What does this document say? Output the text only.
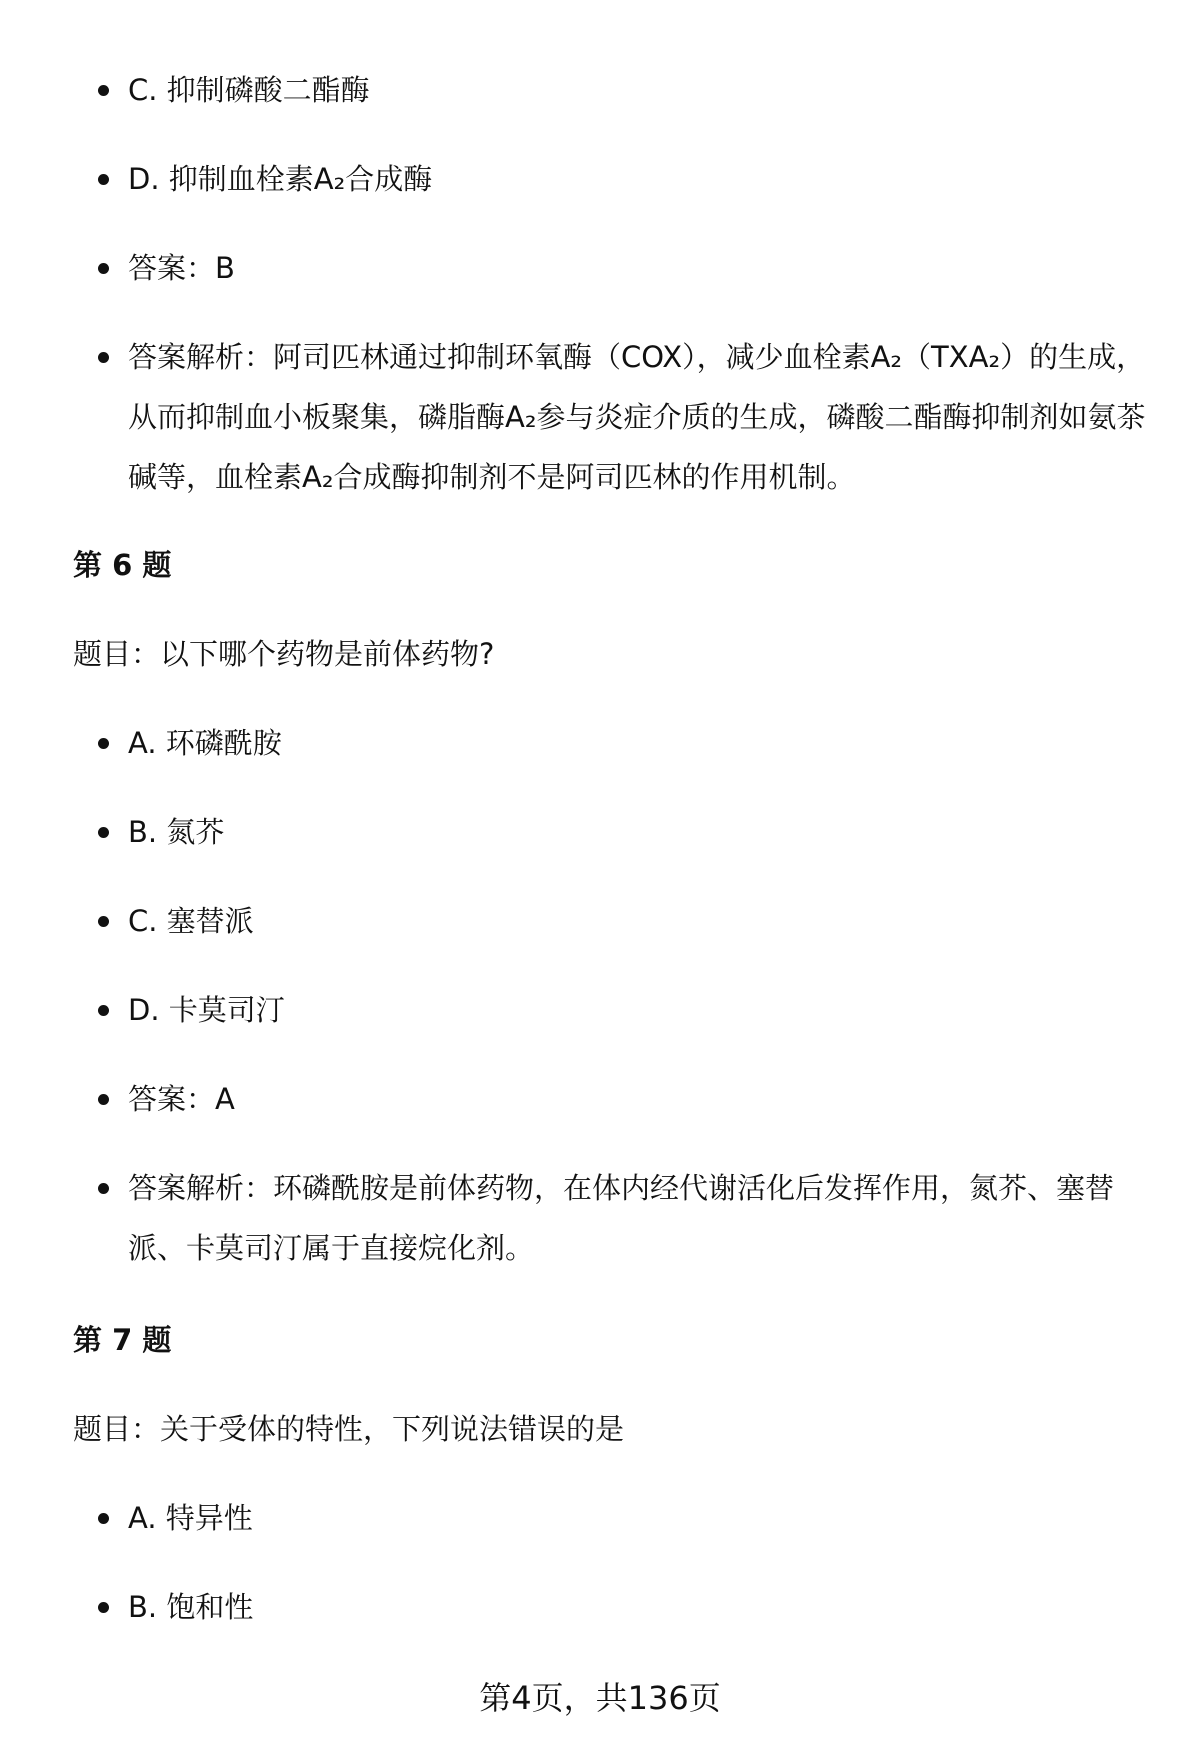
C. 抑制磷酸二酯酶
D. 抑制血栓素A₂合成酶
答案：B
答案解析：阿司匹林通过抑制环氧酶（COX），减少血栓素A₂（TXA₂）的生成，从而抑制血小板聚集，磷脂酶A₂参与炎症介质的生成，磷酸二酯酶抑制剂如氨茶碱等，血栓素A₂合成酶抑制剂不是阿司匹林的作用机制。
第 6 题
题目：以下哪个药物是前体药物?
A. 环磷酰胺
B. 氮芥
C. 塞替派
D. 卡莫司汀
答案：A
答案解析：环磷酰胺是前体药物，在体内经代谢活化后发挥作用，氮芥、塞替派、卡莫司汀属于直接烷化剂。
第 7 题
题目：关于受体的特性，下列说法错误的是
A. 特异性
B. 饱和性
第4页，共136页
